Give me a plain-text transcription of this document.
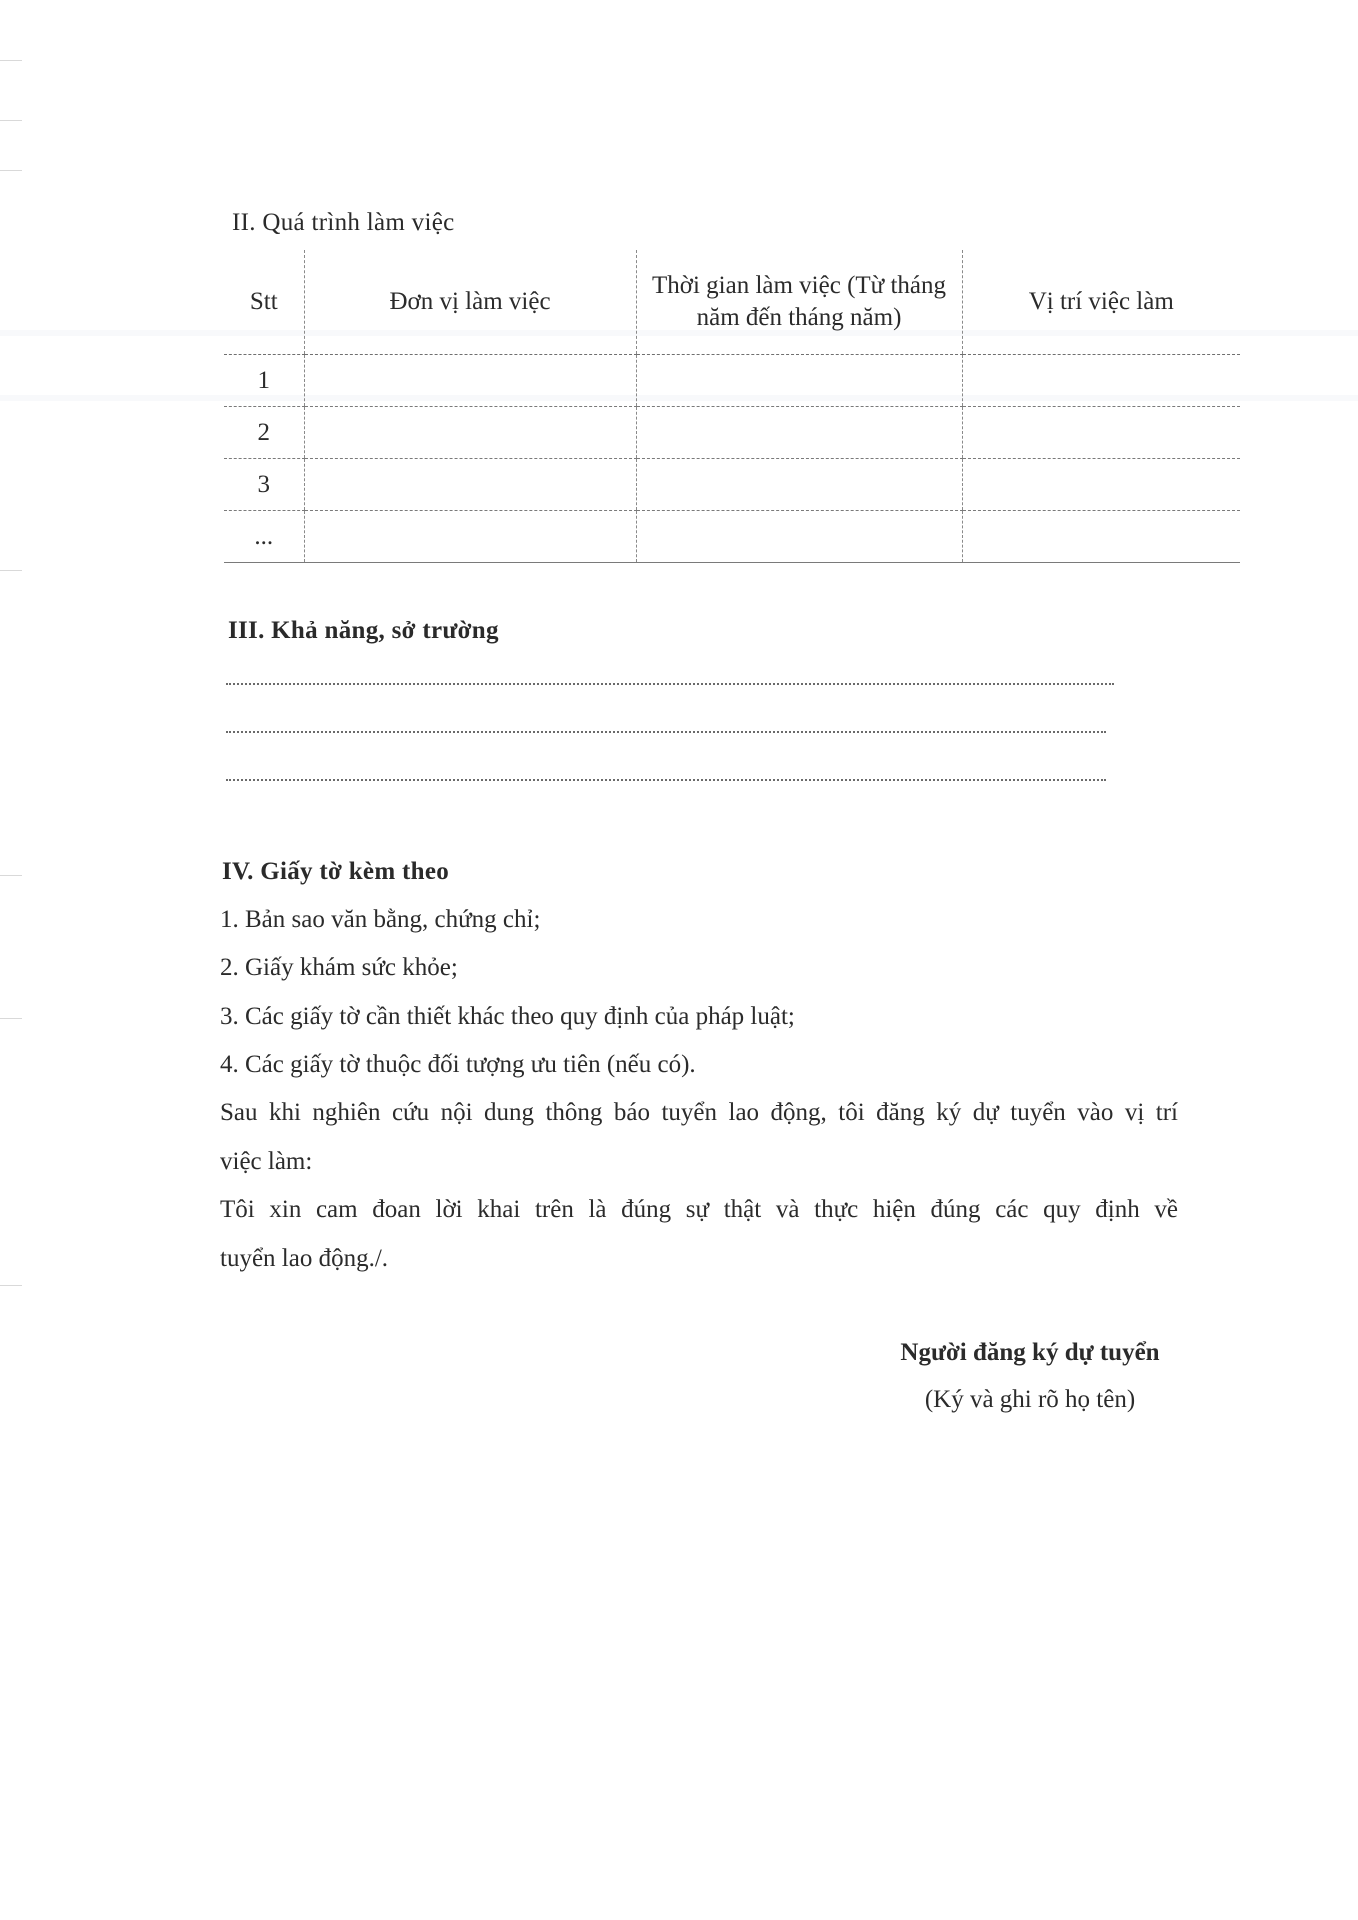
II. Quá trình làm việc
Stt	Đơn vị làm việc	Thời gian làm việc (Từ tháng năm đến tháng năm)	Vị trí việc làm
1			
2			
3			
...			
III. Khả năng, sở trường
IV. Giấy tờ kèm theo
1. Bản sao văn bằng, chứng chỉ;
2. Giấy khám sức khỏe;
3. Các giấy tờ cần thiết khác theo quy định của pháp luật;
4. Các giấy tờ thuộc đối tượng ưu tiên (nếu có).
Sau khi nghiên cứu nội dung thông báo tuyển lao động, tôi đăng ký dự tuyển vào vị trí
việc làm:
Tôi xin cam đoan lời khai trên là đúng sự thật và thực hiện đúng các quy định về
tuyển lao động./.
Người đăng ký dự tuyển
(Ký và ghi rõ họ tên)
